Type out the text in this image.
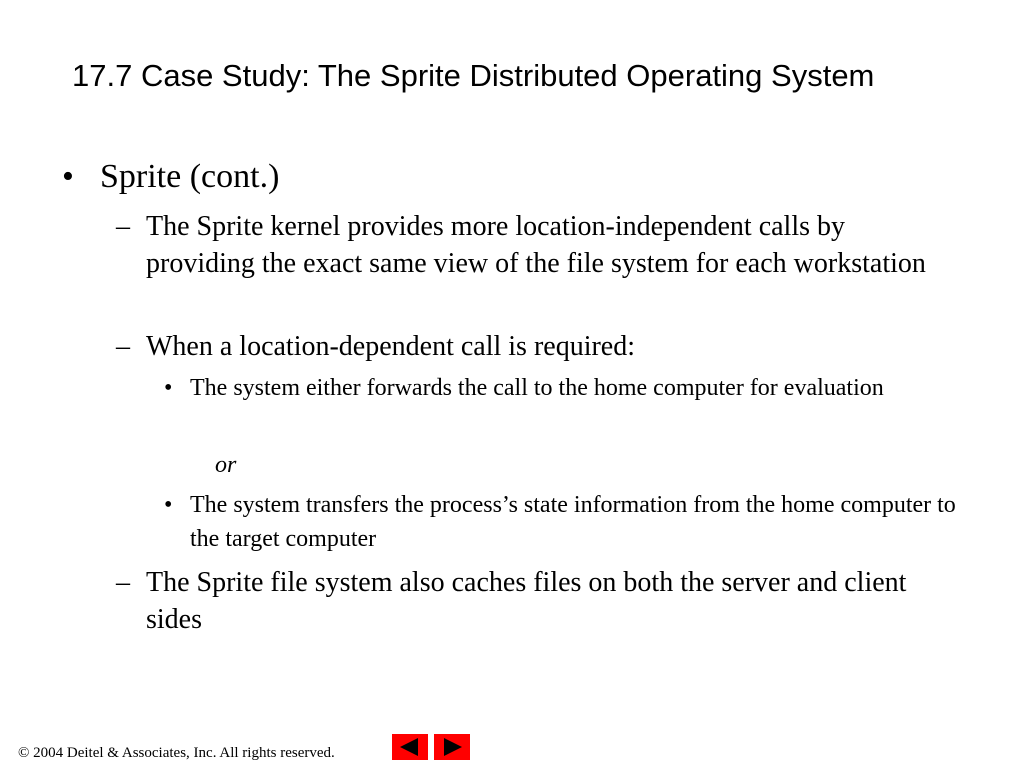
17.7 Case Study: The Sprite Distributed Operating System
• Sprite (cont.)
– The Sprite kernel provides more location-independent calls by providing the exact same view of the file system for each workstation
– When a location-dependent call is required:
• The system either forwards the call to the home computer for evaluation
or
• The system transfers the process’s state information from the home computer to the target computer
– The Sprite file system also caches files on both the server and client sides
© 2004 Deitel & Associates, Inc. All rights reserved.
